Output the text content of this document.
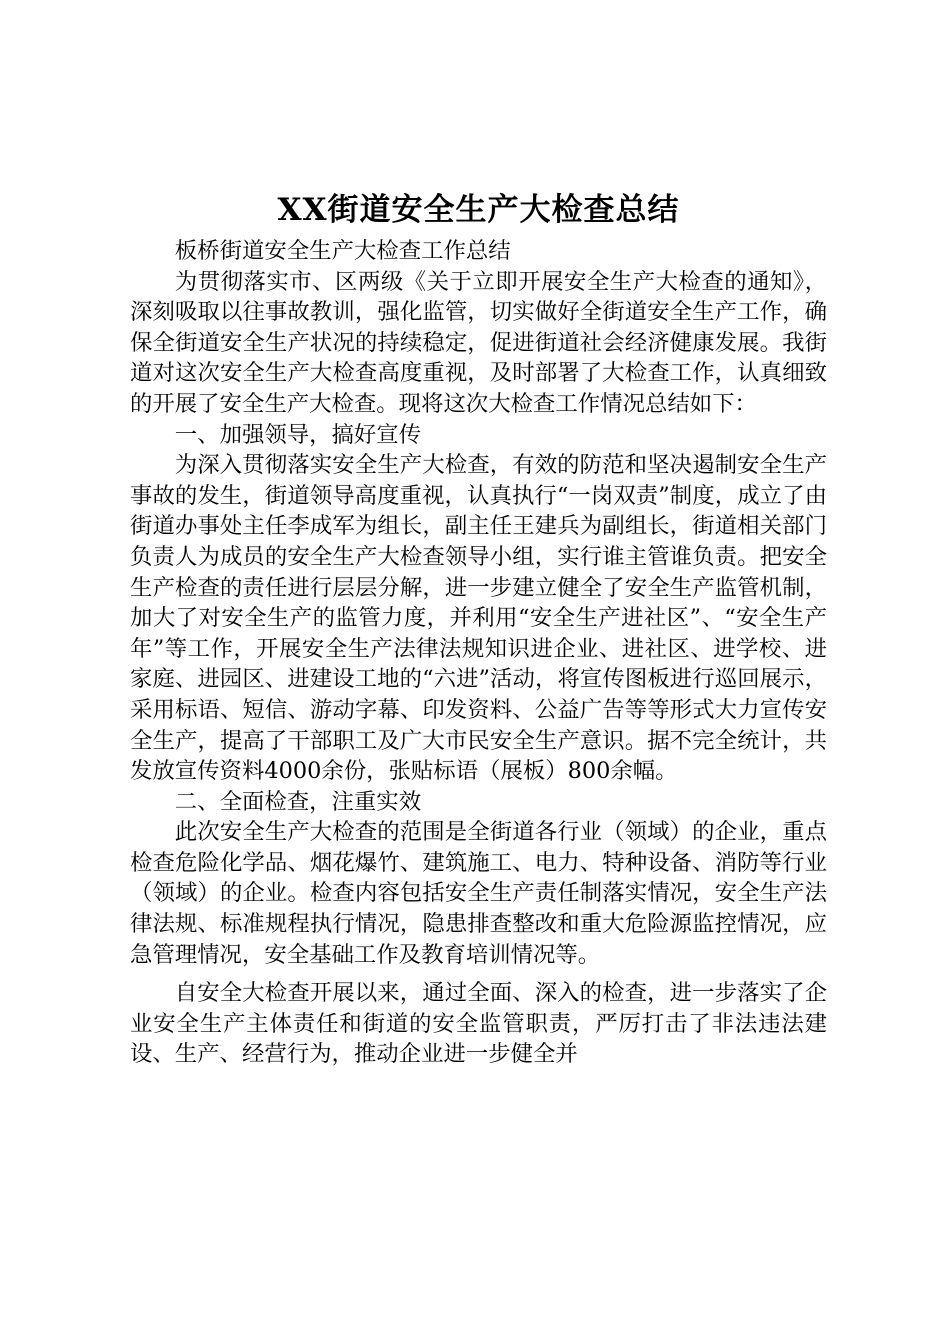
XX街道安全生产大检查总结

板桥街道安全生产大检查工作总结

为贯彻落实市、区两级《关于立即开展安全生产大检查的通知》，深刻吸取以往事故教训，强化监管，切实做好全街道安全生产工作，确保全街道安全生产状况的持续稳定，促进街道社会经济健康发展。我街道对这次安全生产大检查高度重视，及时部署了大检查工作，认真细致的开展了安全生产大检查。现将这次大检查工作情况总结如下：

一、加强领导，搞好宣传

为深入贯彻落实安全生产大检查，有效的防范和坚决遏制安全生产事故的发生，街道领导高度重视，认真执行“一岗双责”制度，成立了由街道办事处主任李成军为组长，副主任王建兵为副组长，街道相关部门负责人为成员的安全生产大检查领导小组，实行谁主管谁负责。把安全生产检查的责任进行层层分解，进一步建立健全了安全生产监管机制，加大了对安全生产的监管力度，并利用“安全生产进社区”、“安全生产年”等工作，开展安全生产法律法规知识进企业、进社区、进学校、进家庭、进园区、进建设工地的“六进”活动，将宣传图板进行巡回展示，采用标语、短信、游动字幕、印发资料、公益广告等等形式大力宣传安全生产，提高了干部职工及广大市民安全生产意识。据不完全统计，共发放宣传资料4000余份，张贴标语（展板）800余幅。

二、全面检查，注重实效

此次安全生产大检查的范围是全街道各行业（领域）的企业，重点检查危险化学品、烟花爆竹、建筑施工、电力、特种设备、消防等行业（领域）的企业。检查内容包括安全生产责任制落实情况，安全生产法律法规、标准规程执行情况，隐患排查整改和重大危险源监控情况，应急管理情况，安全基础工作及教育培训情况等。

自安全大检查开展以来，通过全面、深入的检查，进一步落实了企业安全生产主体责任和街道的安全监管职责，严厉打击了非法违法建设、生产、经营行为，推动企业进一步健全并
